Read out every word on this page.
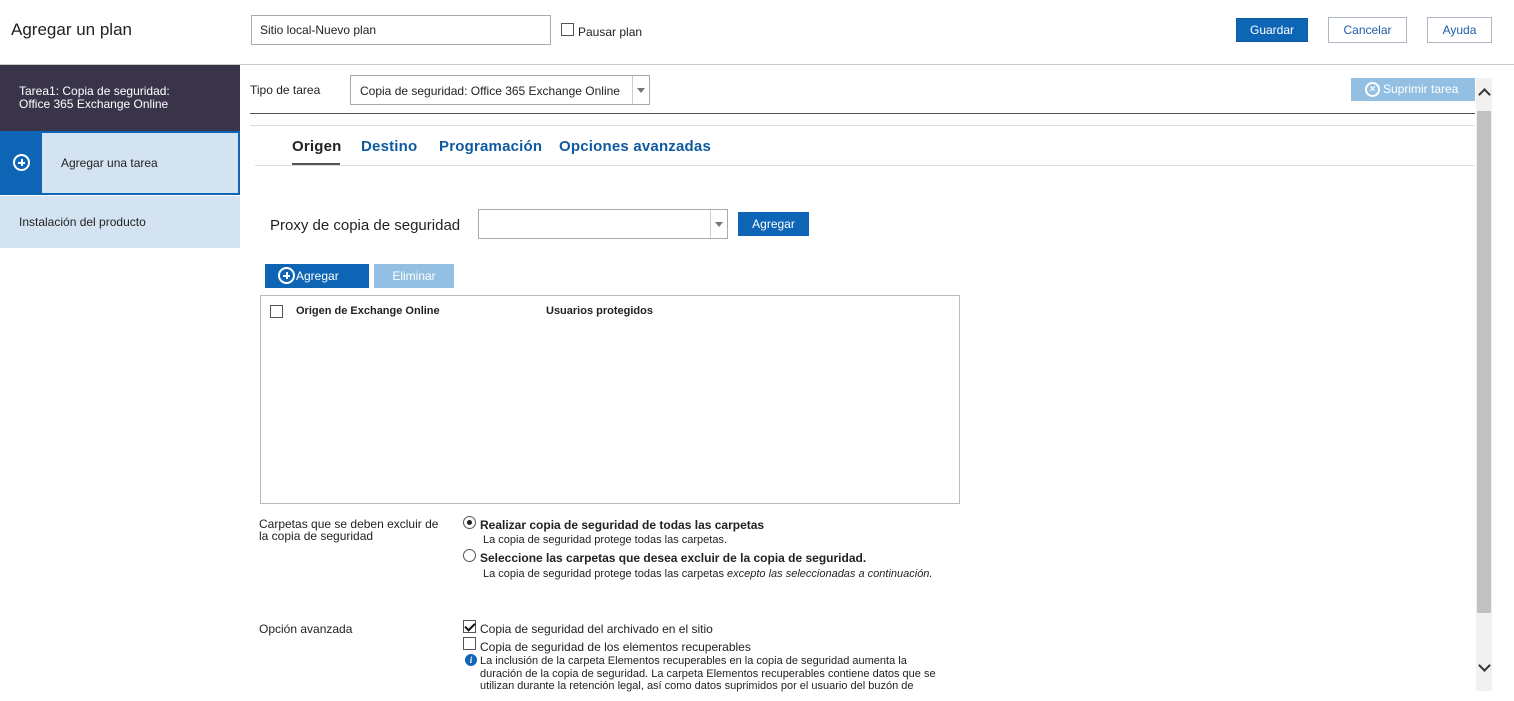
Agregar un plan
Sitio local-Nuevo plan	Pausar plan	Guardar	Cancelar	Ayuda
Tarea1: Copia de seguridad:
Office 365 Exchange Online
Agregar una tarea
Instalación del producto
Tipo de tarea	Copia de seguridad: Office 365 Exchange Online	× Suprimir tarea
Origen Destino Programación Opciones avanzadas
Proxy de copia de seguridad	Agregar
Agregar	Eliminar
Origen de Exchange Online	Usuarios protegidos
Carpetas que se deben excluir de la copia de seguridad
Realizar copia de seguridad de todas las carpetas
La copia de seguridad protege todas las carpetas.
Seleccione las carpetas que desea excluir de la copia de seguridad.
La copia de seguridad protege todas las carpetas excepto las seleccionadas a continuación.
Opción avanzada	Copia de seguridad del archivado en el sitio
Copia de seguridad de los elementos recuperables
i La inclusión de la carpeta Elementos recuperables en la copia de seguridad aumenta la duración de la copia de seguridad. La carpeta Elementos recuperables contiene datos que se utilizan durante la retención legal, así como datos suprimidos por el usuario del buzón de
